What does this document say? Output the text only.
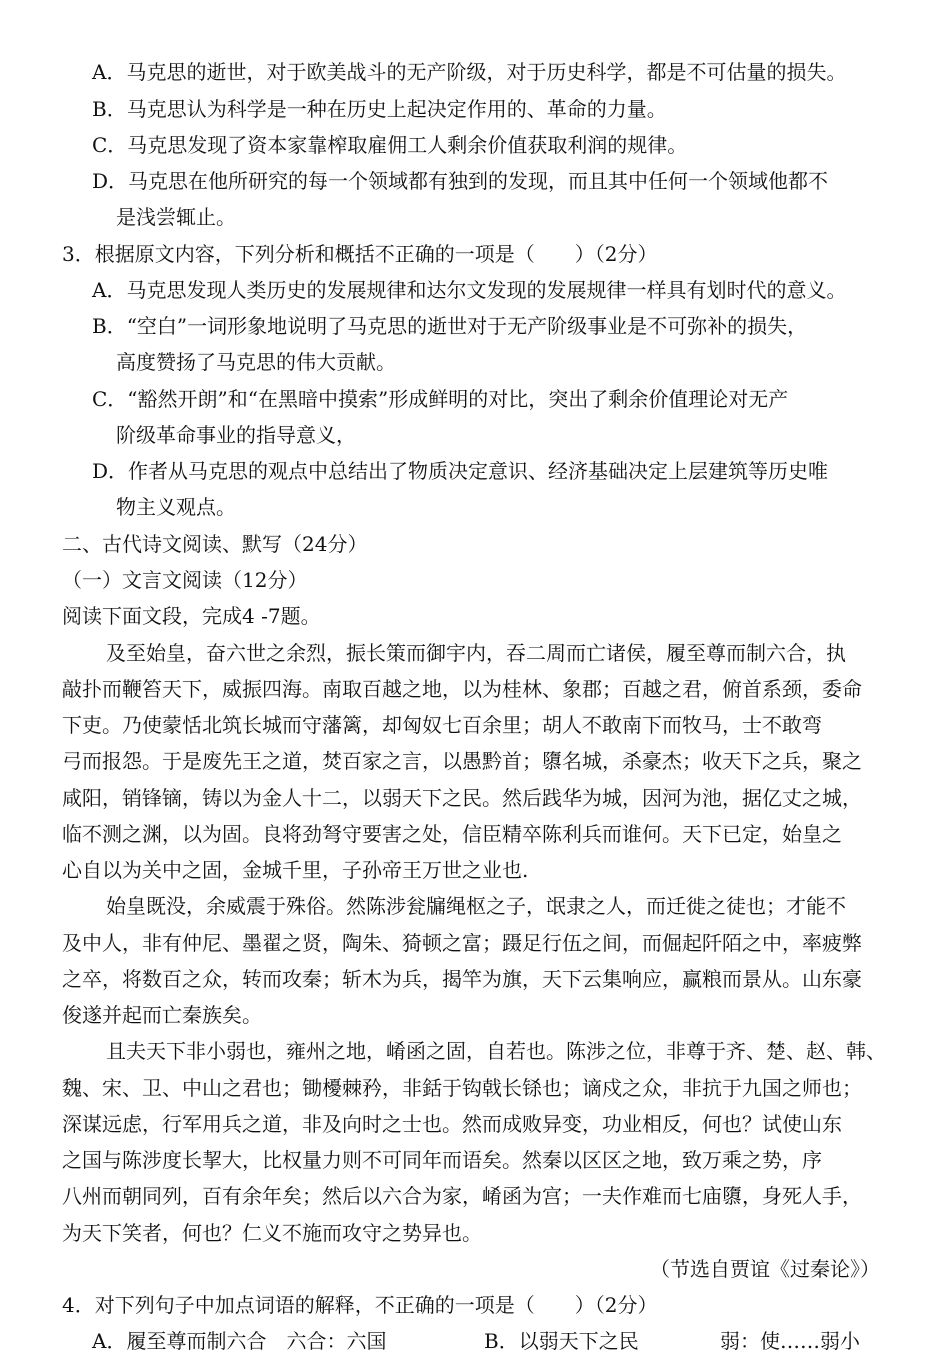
A．马克思的逝世，对于欧美战斗的无产阶级，对于历史科学，都是不可估量的损失。
B．马克思认为科学是一种在历史上起决定作用的、革命的力量。
C．马克思发现了资本家靠榨取雇佣工人剩余价值获取利润的规律。
D．马克思在他所研究的每一个领域都有独到的发现，而且其中任何一个领域他都不
是浅尝辄止。
3．根据原文内容，下列分析和概括不正确的一项是（　　）（2分）
A．马克思发现人类历史的发展规律和达尔文发现的发展规律一样具有划时代的意义。
B．“空白”一词形象地说明了马克思的逝世对于无产阶级事业是不可弥补的损失，
高度赞扬了马克思的伟大贡献。
C．“豁然开朗”和“在黑暗中摸索”形成鲜明的对比，突出了剩余价值理论对无产
阶级革命事业的指导意义，
D．作者从马克思的观点中总结出了物质决定意识、经济基础决定上层建筑等历史唯
物主义观点。
二、古代诗文阅读、默写（24分）
（一）文言文阅读（12分）
阅读下面文段，完成4 -7题。
及至始皇，奋六世之余烈，振长策而御宇内，吞二周而亡诸侯，履至尊而制六合，执
敲扑而鞭笞天下，威振四海。南取百越之地，以为桂林、象郡；百越之君，俯首系颈，委命
下吏。乃使蒙恬北筑长城而守藩篱，却匈奴七百余里；胡人不敢南下而牧马，士不敢弯
弓而报怨。于是废先王之道，焚百家之言，以愚黔首；隳名城，杀豪杰；收天下之兵，聚之
咸阳，销锋镝，铸以为金人十二，以弱天下之民。然后践华为城，因河为池，据亿丈之城，
临不测之渊，以为固。良将劲弩守要害之处，信臣精卒陈利兵而谁何。天下已定，始皇之
心自以为关中之固，金城千里，子孙帝王万世之业也.
始皇既没，余威震于殊俗。然陈涉瓮牖绳枢之子，氓隶之人，而迁徙之徒也；才能不
及中人，非有仲尼、墨翟之贤，陶朱、猗顿之富；蹑足行伍之间，而倔起阡陌之中，率疲弊
之卒，将数百之众，转而攻秦；斩木为兵，揭竿为旗，天下云集响应，赢粮而景从。山东豪
俊遂并起而亡秦族矣。
且夫天下非小弱也，雍州之地，崤函之固，自若也。陈涉之位，非尊于齐、楚、赵、韩、
魏、宋、卫、中山之君也；锄櫌棘矜，非銛于钩戟长铩也；谪戍之众，非抗于九国之师也；
深谋远虑，行军用兵之道，非及向时之士也。然而成败异变，功业相反，何也？试使山东
之国与陈涉度长挈大，比权量力则不可同年而语矣。然秦以区区之地，致万乘之势，序
八州而朝同列，百有余年矣；然后以六合为家，崤函为宫；一夫作难而七庙隳，身死人手，
为天下笑者，何也？仁义不施而攻守之势异也。
（节选自贾谊《过秦论》）
4．对下列句子中加点词语的解释，不正确的一项是（　　）（2分）
A．履至尊而制六合　六合：六国	B．以弱天下之民	弱：使……弱小
